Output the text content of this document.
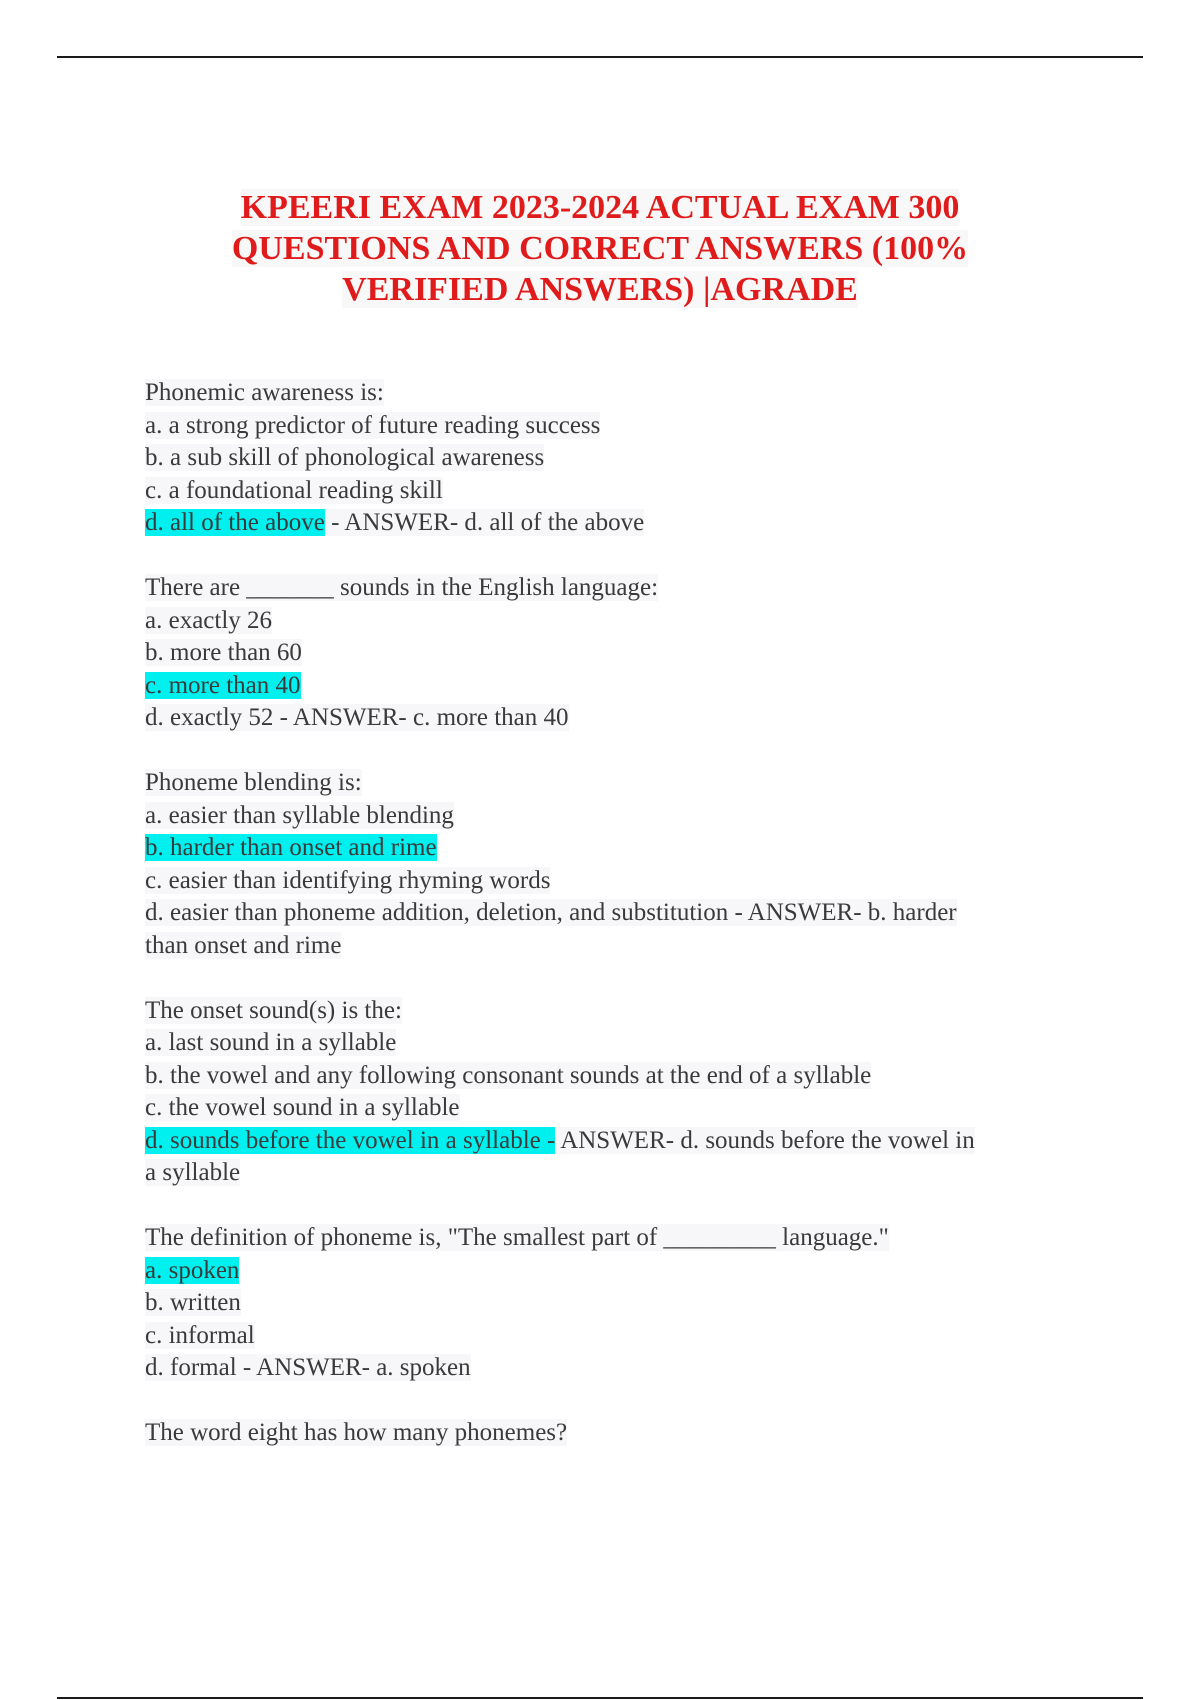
KPEERI EXAM 2023-2024 ACTUAL EXAM 300
QUESTIONS AND CORRECT ANSWERS (100%
VERIFIED ANSWERS) |AGRADE
Phonemic awareness is:
a. a strong predictor of future reading success
b. a sub skill of phonological awareness
c. a foundational reading skill
d. all of the above - ANSWER- d. all of the above
There are _______ sounds in the English language:
a. exactly 26
b. more than 60
c. more than 40
d. exactly 52 - ANSWER- c. more than 40
Phoneme blending is:
a. easier than syllable blending
b. harder than onset and rime
c. easier than identifying rhyming words
d. easier than phoneme addition, deletion, and substitution - ANSWER- b. harder
than onset and rime
The onset sound(s) is the:
a. last sound in a syllable
b. the vowel and any following consonant sounds at the end of a syllable
c. the vowel sound in a syllable
d. sounds before the vowel in a syllable - ANSWER- d. sounds before the vowel in
a syllable
The definition of phoneme is, "The smallest part of _________ language."
a. spoken
b. written
c. informal
d. formal - ANSWER- a. spoken
The word eight has how many phonemes?
